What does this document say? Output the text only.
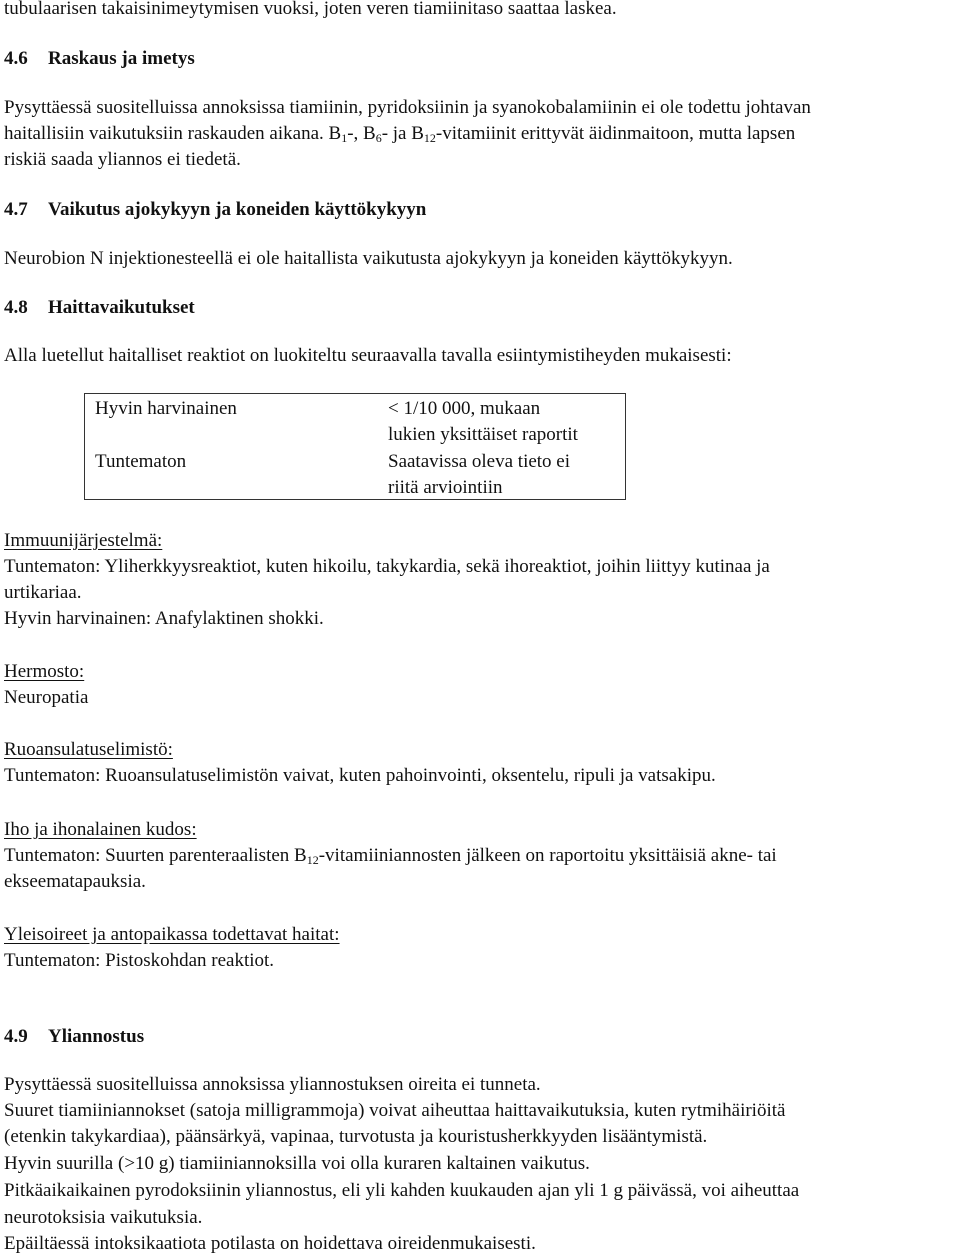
tubulaarisen takaisinimeytymisen vuoksi, joten veren tiamiinitaso saattaa laskea.
4.6 Raskaus ja imetys
Pysyttäessä suositelluissa annoksissa tiamiinin, pyridoksiinin ja syanokobalamiinin ei ole todettu johtavan
haitallisiin vaikutuksiin raskauden aikana. $B_1-$, $B_6-$ ja $B_{12}$-vitamiinit erittyvät äidinmaitoon, mutta lapsen
riskiä saada yliannos ei tiedetä.
4.7 Vaikutus ajokykyyn ja koneiden käyttökykyyn
Neurobion N injektionesteellä ei ole haitallista vaikutusta ajokykyyn ja koneiden käyttökykyyn.
4.8 Haittavaikutukset
Alla luetellut haitalliset reaktiot on luokiteltu seuraavalla tavalla esiintymistiheyden mukaisesti:
Hyvin harvinainen	< 1/10 000, mukaan
lukien yksittäiset raportit
Tuntematon	Saatavissa oleva tieto ei
riitä arviointiin
Immuunijärjestelmä:
Tuntematon: Yliherkkyysreaktiot, kuten hikoilu, takykardia, sekä ihoreaktiot, joihin liittyy kutinaa ja
urtikariaa.
Hyvin harvinainen: Anafylaktinen shokki.
Hermosto:
Neuropatia
Ruoansulatuselimistö:
Tuntematon: Ruoansulatuselimistön vaivat, kuten pahoinvointi, oksentelu, ripuli ja vatsakipu.
Iho ja ihonalainen kudos:
Tuntematon: Suurten parenteraalisten $B_{12}$-vitamiiniannosten jälkeen on raportoitu yksittäisiä akne- tai
ekseematapauksia.
Yleisoireet ja antopaikassa todettavat haitat:
Tuntematon: Pistoskohdan reaktiot.
4.9 Yliannostus
Pysyttäessä suositelluissa annoksissa yliannostuksen oireita ei tunneta.
Suuret tiamiiniannokset (satoja milligrammoja) voivat aiheuttaa haittavaikutuksia, kuten rytmihäiriöitä
(etenkin takykardiaa), päänsärkyä, vapinaa, turvotusta ja kouristusherkkyyden lisääntymistä.
Hyvin suurilla (>10 g) tiamiiniannoksilla voi olla kuraren kaltainen vaikutus.
Pitkäaikaikainen pyrodoksiinin yliannostus, eli yli kahden kuukauden ajan yli 1 g päivässä, voi aiheuttaa
neurotoksisia vaikutuksia.
Epäiltäessä intoksikaatiota potilasta on hoidettava oireidenmukaisesti.
